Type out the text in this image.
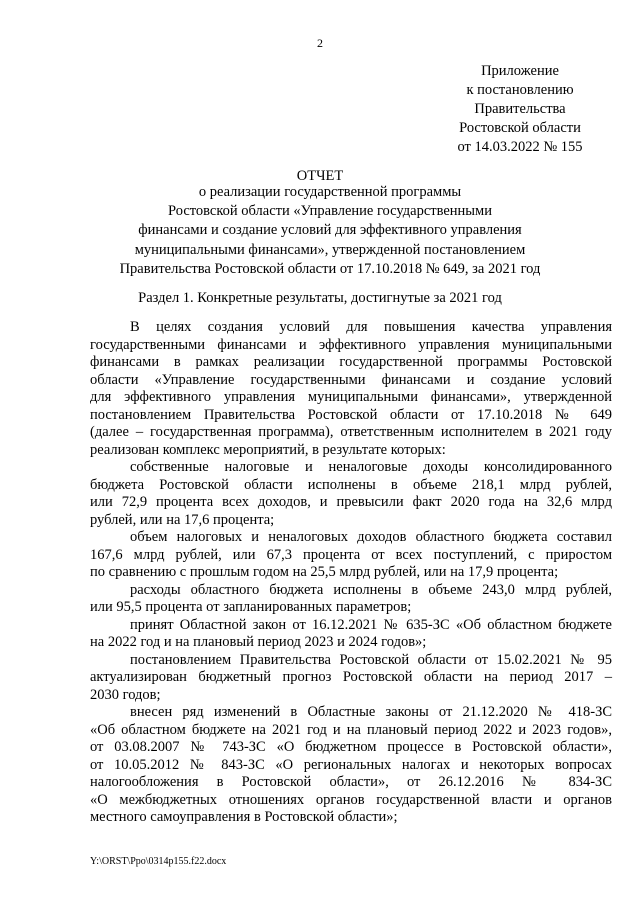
2
Приложение
к постановлению
Правительства
Ростовской области
от 14.03.2022 № 155
ОТЧЕТ
о реализации государственной программы
Ростовской области «Управление государственными
финансами и создание условий для эффективного управления
муниципальными финансами», утвержденной постановлением
Правительства Ростовской области от 17.10.2018 № 649, за 2021 год
Раздел 1. Конкретные результаты, достигнутые за 2021 год

В целях создания условий для повышения качества управления

государственными финансами и эффективного управления муниципальными

финансами в рамках реализации государственной программы Ростовской

области «Управление государственными финансами и создание условий

для эффективного управления муниципальными финансами», утвержденной

постановлением Правительства Ростовской области от 17.10.2018 № 649

(далее – государственная программа), ответственным исполнителем в 2021 году

реализован комплекс мероприятий, в результате которых:

собственные налоговые и неналоговые доходы консолидированного

бюджета Ростовской области исполнены в объеме 218,1 млрд рублей,

или 72,9 процента всех доходов, и превысили факт 2020 года на 32,6 млрд

рублей, или на 17,6 процента;

объем налоговых и неналоговых доходов областного бюджета составил

167,6 млрд рублей, или 67,3 процента от всех поступлений, с приростом

по сравнению с прошлым годом на 25,5 млрд рублей, или на 17,9 процента;

расходы областного бюджета исполнены в объеме 243,0 млрд рублей,

или 95,5 процента от запланированных параметров;

принят Областной закон от 16.12.2021 № 635-ЗС «Об областном бюджете

на 2022 год и на плановый период 2023 и 2024 годов»;

постановлением Правительства Ростовской области от 15.02.2021 № 95

актуализирован бюджетный прогноз Ростовской области на период 2017 –

2030 годов;

внесен ряд изменений в Областные законы от 21.12.2020 № 418-ЗС

«Об областном бюджете на 2021 год и на плановый период 2022 и 2023 годов»,

от 03.08.2007 № 743-ЗС «О бюджетном процессе в Ростовской области»,

от 10.05.2012 № 843-ЗС «О региональных налогах и некоторых вопросах

налогообложения в Ростовской области», от 26.12.2016 № 834-ЗС

«О межбюджетных отношениях органов государственной власти и органов

местного самоуправления в Ростовской области»;

Y:\ORST\Ppo\0314p155.f22.docx
